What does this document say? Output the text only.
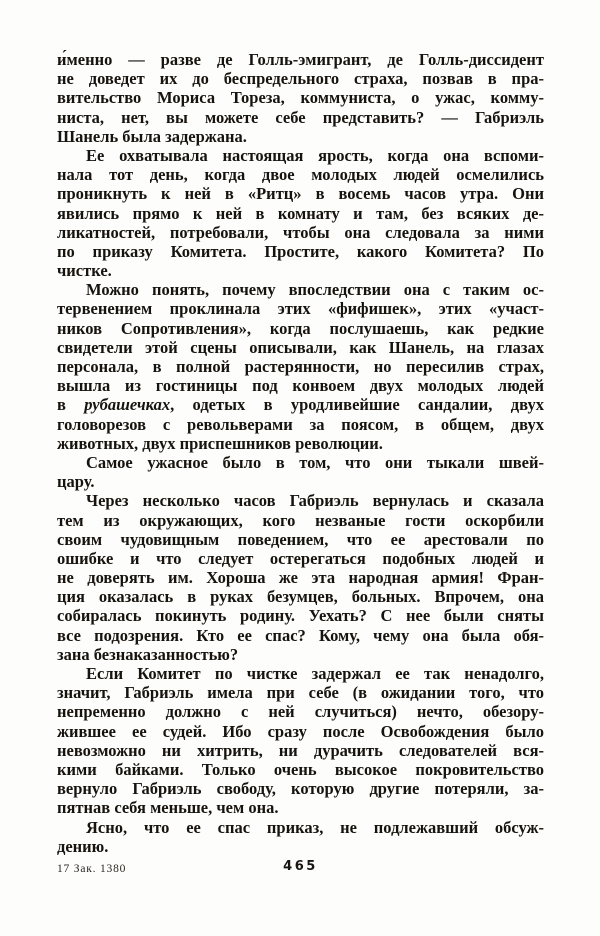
и́менно — разве де Голль-эмигрант, де Голль-диссидент
не доведет их до беспредельного страха, позвав в пра-
вительство Мориса Тореза, коммуниста, о ужас, комму-
ниста, нет, вы можете себе представить? — Габриэль
Шанель была задержана.
Ее охватывала настоящая ярость, когда она вспоми-
нала тот день, когда двое молодых людей осмелились
проникнуть к ней в «Ритц» в восемь часов утра. Они
явились прямо к ней в комнату и там, без всяких де-
ликатностей, потребовали, чтобы она следовала за ними
по приказу Комитета. Простите, какого Комитета? По
чистке.
Можно понять, почему впоследствии она с таким ос-
тервенением проклинала этих «фифишек», этих «участ-
ников Сопротивления», когда послушаешь, как редкие
свидетели этой сцены описывали, как Шанель, на глазах
персонала, в полной растерянности, но пересилив страх,
вышла из гостиницы под конвоем двух молодых людей
в рубашечках, одетых в уродливейшие сандалии, двух
головорезов с револьверами за поясом, в общем, двух
животных, двух приспешников революции.
Самое ужасное было в том, что они тыкали швей-
цару.
Через несколько часов Габриэль вернулась и сказала
тем из окружающих, кого незваные гости оскорбили
своим чудовищным поведением, что ее арестовали по
ошибке и что следует остерегаться подобных людей и
не доверять им. Хороша же эта народная армия! Фран-
ция оказалась в руках безумцев, больных. Впрочем, она
собиралась покинуть родину. Уехать? С нее были сняты
все подозрения. Кто ее спас? Кому, чему она была обя-
зана безнаказанностью?
Если Комитет по чистке задержал ее так ненадолго,
значит, Габриэль имела при себе (в ожидании того, что
непременно должно с ней случиться) нечто, обезору-
жившее ее судей. Ибо сразу после Освобождения было
невозможно ни хитрить, ни дурачить следователей вся-
кими байками. Только очень высокое покровительство
вернуло Габриэль свободу, которую другие потеряли, за-
пятнав себя меньше, чем она.
Ясно, что ее спас приказ, не подлежавший обсуж-
дению.
17 Зак. 1380	465
